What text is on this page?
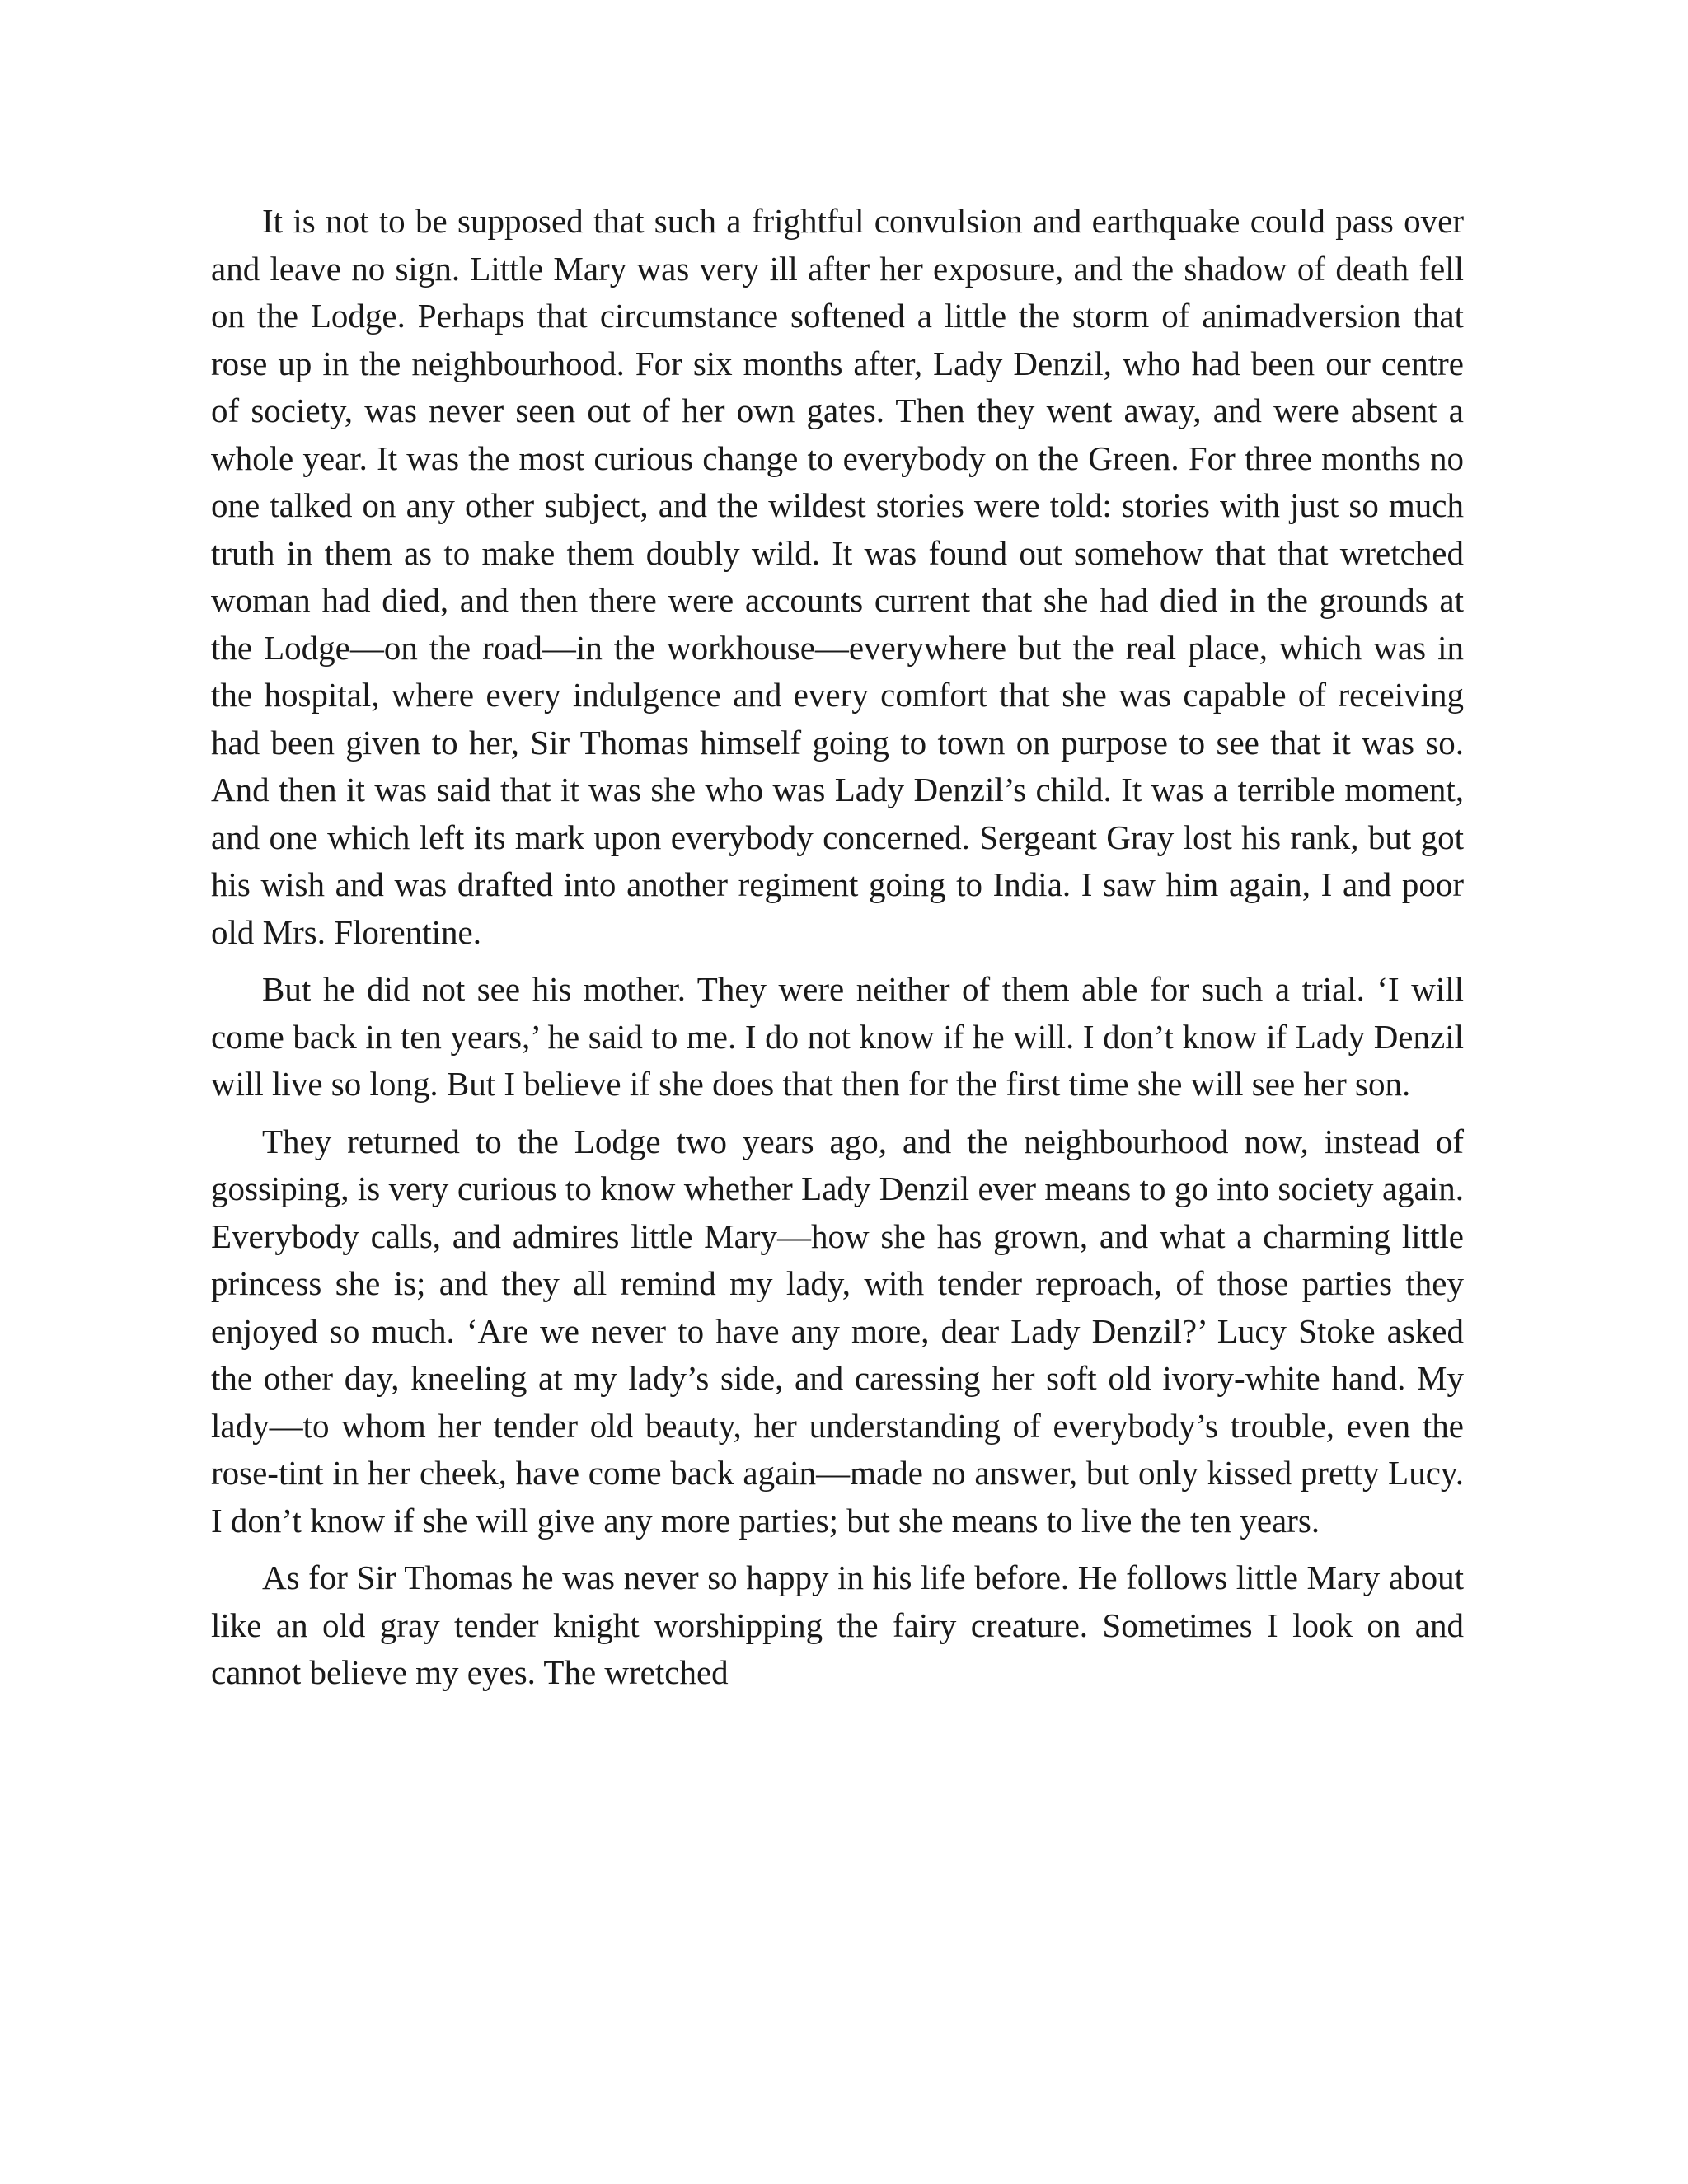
It is not to be supposed that such a frightful convulsion and earthquake could pass over and leave no sign. Little Mary was very ill after her exposure, and the shadow of death fell on the Lodge. Perhaps that circumstance softened a little the storm of animadversion that rose up in the neighbourhood. For six months after, Lady Denzil, who had been our centre of society, was never seen out of her own gates. Then they went away, and were absent a whole year. It was the most curious change to everybody on the Green. For three months no one talked on any other subject, and the wildest stories were told: stories with just so much truth in them as to make them doubly wild. It was found out somehow that that wretched woman had died, and then there were accounts current that she had died in the grounds at the Lodge—on the road—in the workhouse—everywhere but the real place, which was in the hospital, where every indulgence and every comfort that she was capable of receiving had been given to her, Sir Thomas himself going to town on purpose to see that it was so. And then it was said that it was she who was Lady Denzil’s child. It was a terrible moment, and one which left its mark upon everybody concerned. Sergeant Gray lost his rank, but got his wish and was drafted into another regiment going to India. I saw him again, I and poor old Mrs. Florentine.

But he did not see his mother. They were neither of them able for such a trial. ‘I will come back in ten years,’ he said to me. I do not know if he will. I don’t know if Lady Denzil will live so long. But I believe if she does that then for the first time she will see her son.

They returned to the Lodge two years ago, and the neighbourhood now, instead of gossiping, is very curious to know whether Lady Denzil ever means to go into society again. Everybody calls, and admires little Mary—how she has grown, and what a charming little princess she is; and they all remind my lady, with tender reproach, of those parties they enjoyed so much. ‘Are we never to have any more, dear Lady Denzil?’ Lucy Stoke asked the other day, kneeling at my lady’s side, and caressing her soft old ivory-white hand. My lady—to whom her tender old beauty, her understanding of everybody’s trouble, even the rose-tint in her cheek, have come back again—made no answer, but only kissed pretty Lucy. I don’t know if she will give any more parties; but she means to live the ten years.

As for Sir Thomas he was never so happy in his life before. He follows little Mary about like an old gray tender knight worshipping the fairy creature. Sometimes I look on and cannot believe my eyes. The wretched
